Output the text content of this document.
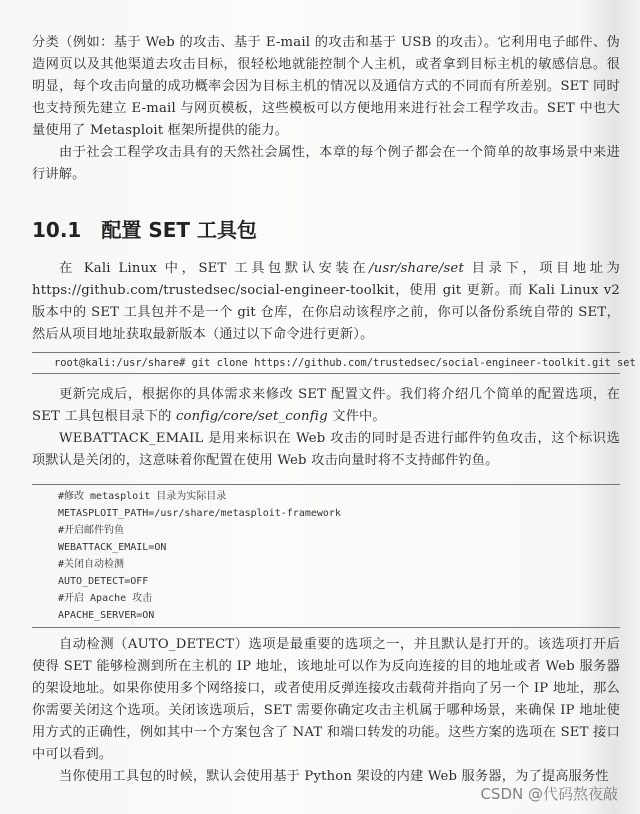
分类（例如：基于 Web 的攻击、基于 E-mail 的攻击和基于 USB 的攻击）。它利用电子邮件、伪造网页以及其他渠道去攻击目标，很轻松地就能控制个人主机，或者拿到目标主机的敏感信息。很明显，每个攻击向量的成功概率会因为目标主机的情况以及通信方式的不同而有所差别。SET 同时也支持预先建立 E-mail 与网页模板，这些模板可以方便地用来进行社会工程学攻击。SET 中也大量使用了 Metasploit 框架所提供的能力。

由于社会工程学攻击具有的天然社会属性，本章的每个例子都会在一个简单的故事场景中来进行讲解。

10.1 配置 SET 工具包

在 Kali Linux 中，SET 工具包默认安装在/usr/share/set 目录下，项目地址为 https://github.com/trustedsec/social-engineer-toolkit，使用 git 更新。而 Kali Linux v2 版本中的 SET 工具包并不是一个 git 仓库，在你启动该程序之前，你可以备份系统自带的 SET，然后从项目地址获取最新版本（通过以下命令进行更新）。

root@kali:/usr/share# git clone https://github.com/trustedsec/social-engineer-toolkit.git set

更新完成后，根据你的具体需求来修改 SET 配置文件。我们将介绍几个简单的配置选项，在 SET 工具包根目录下的 config/core/set_config 文件中。

WEBATTACK_EMAIL 是用来标识在 Web 攻击的同时是否进行邮件钓鱼攻击，这个标识选项默认是关闭的，这意味着你配置在使用 Web 攻击向量时将不支持邮件钓鱼。

#修改 metasploit 目录为实际目录
METASPLOIT_PATH=/usr/share/metasploit-framework
#开启邮件钓鱼
WEBATTACK_EMAIL=ON
#关闭自动检测
AUTO_DETECT=OFF
#开启 Apache 攻击
APACHE_SERVER=ON

自动检测（AUTO_DETECT）选项是最重要的选项之一，并且默认是打开的。该选项打开后使得 SET 能够检测到所在主机的 IP 地址，该地址可以作为反向连接的目的地址或者 Web 服务器的架设地址。如果你使用多个网络接口，或者使用反弹连接攻击载荷并指向了另一个 IP 地址，那么你需要关闭这个选项。关闭该选项后，SET 需要你确定攻击主机属于哪种场景，来确保 IP 地址使用方式的正确性，例如其中一个方案包含了 NAT 和端口转发的功能。这些方案的选项在 SET 接口中可以看到。

当你使用工具包的时候，默认会使用基于 Python 架设的内建 Web 服务器，为了提高服务性

CSDN @代码熬夜敲
